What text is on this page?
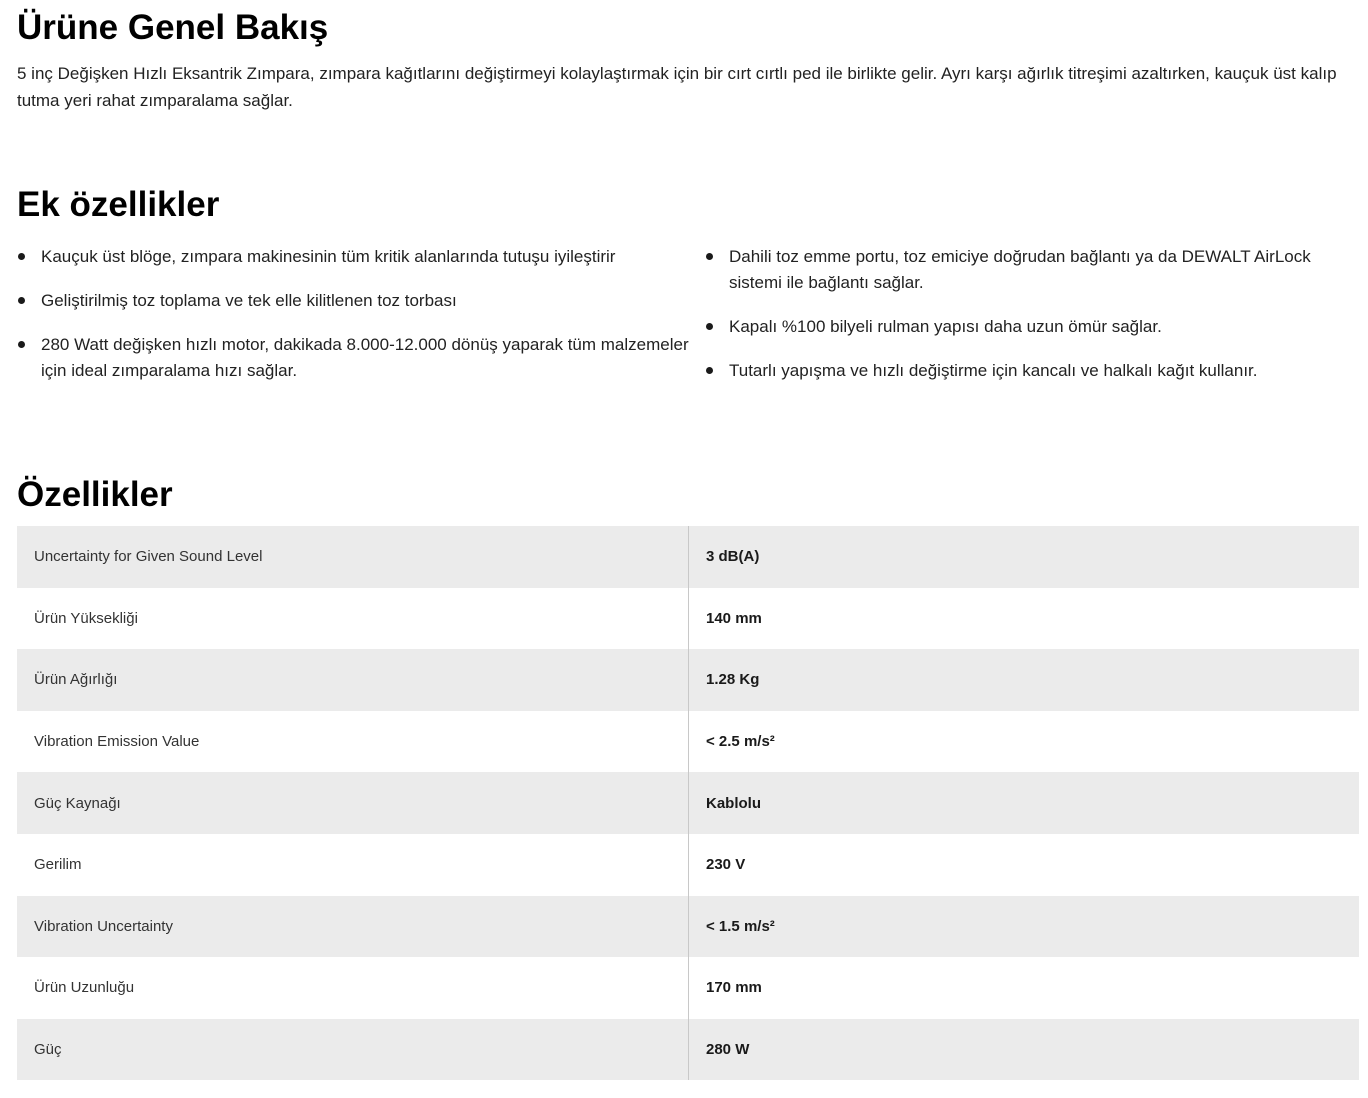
Ürüne Genel Bakış

5 inç Değişken Hızlı Eksantrik Zımpara, zımpara kağıtlarını değiştirmeyi kolaylaştırmak için bir cırt cırtlı ped ile birlikte gelir. Ayrı karşı ağırlık titreşimi azaltırken, kauçuk üst kalıp tutma yeri rahat zımparalama sağlar.

Ek özellikler
Kauçuk üst blöge, zımpara makinesinin tüm kritik alanlarında tutuşu iyileştirir
Geliştirilmiş toz toplama ve tek elle kilitlenen toz torbası
280 Watt değişken hızlı motor, dakikada 8.000-12.000 dönüş yaparak tüm malzemeler için ideal zımparalama hızı sağlar.
Dahili toz emme portu, toz emiciye doğrudan bağlantı ya da DEWALT AirLock sistemi ile bağlantı sağlar.
Kapalı %100 bilyeli rulman yapısı daha uzun ömür sağlar.
Tutarlı yapışma ve hızlı değiştirme için kancalı ve halkalı kağıt kullanır.
Özellikler
Uncertainty for Given Sound Level	3 dB(A)
Ürün Yüksekliği	140 mm
Ürün Ağırlığı	1.28 Kg
Vibration Emission Value	< 2.5 m/s²
Güç Kaynağı	Kablolu
Gerilim	230 V
Vibration Uncertainty	< 1.5 m/s²
Ürün Uzunluğu	170 mm
Güç	280 W
